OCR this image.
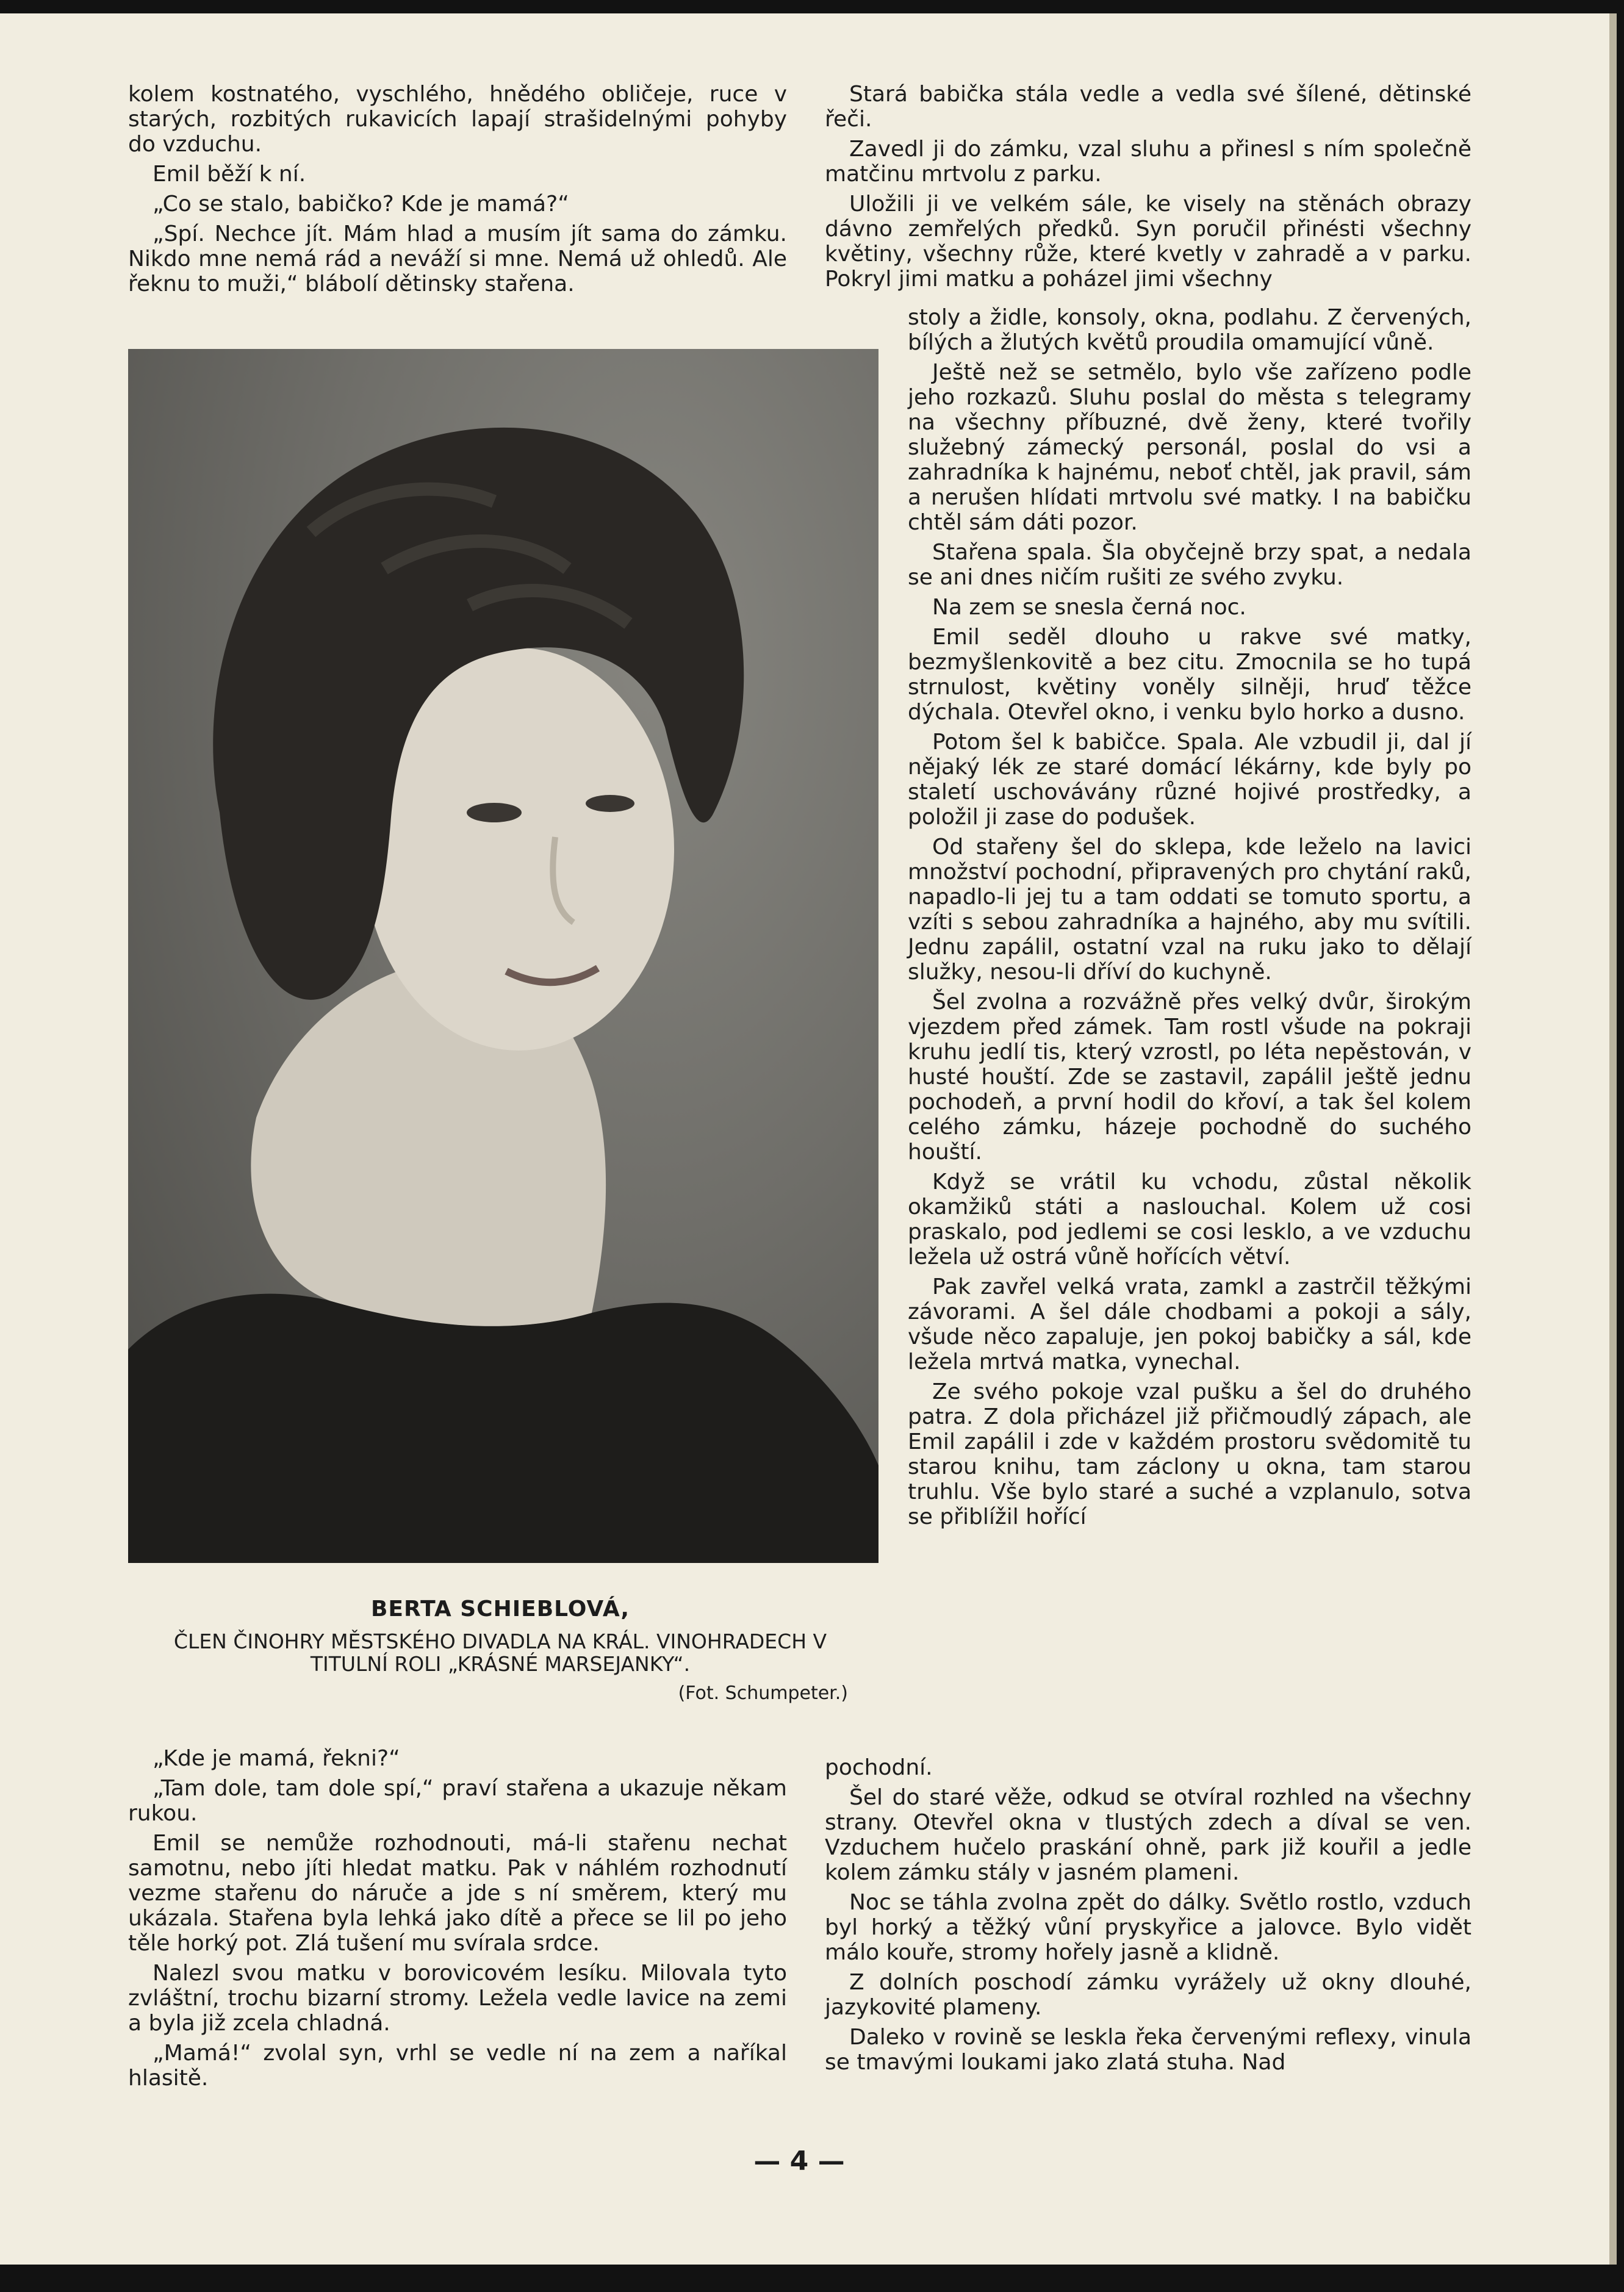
kolem kostnatého, vyschlého, hnědého obličeje, ruce v starých, rozbitých rukavicích lapají strašidelnými pohyby do vzduchu.

Emil běží k ní.

„Co se stalo, babičko? Kde je mamá?“

„Spí. Nechce jít. Mám hlad a musím jít sama do zámku. Nikdo mne nemá rád a neváží si mne. Nemá už ohledů. Ale řeknu to muži,“ blábolí dětinsky stařena.

BERTA SCHIEBLOVÁ,
ČLEN ČINOHRY MĚSTSKÉHO DIVADLA NA KRÁL. VINOHRADECH V TITULNÍ ROLI „KRÁSNÉ MARSEJANKY“.
(Fot. Schumpeter.)

„Kde je mamá, řekni?“

„Tam dole, tam dole spí,“ praví stařena a ukazuje někam rukou.

Emil se nemůže rozhodnouti, má-li stařenu nechat samotnu, nebo jíti hledat matku. Pak v náhlém rozhodnutí vezme stařenu do náruče a jde s ní směrem, který mu ukázala. Stařena byla lehká jako dítě a přece se lil po jeho těle horký pot. Zlá tušení mu svírala srdce.

Nalezl svou matku v borovicovém lesíku. Milovala tyto zvláštní, trochu bizarní stromy. Ležela vedle lavice na zemi a byla již zcela chladná.

„Mamá!“ zvolal syn, vrhl se vedle ní na zem a naříkal hlasitě.

Stará babička stála vedle a vedla své šílené, dětinské řeči.

Zavedl ji do zámku, vzal sluhu a přinesl s ním společně matčinu mrtvolu z parku.

Uložili ji ve velkém sále, ke visely na stěnách obrazy dávno zemřelých předků. Syn poručil přinésti všechny květiny, všechny růže, které kvetly v zahradě a v parku. Pokryl jimi matku a poházel jimi všechny

stoly a židle, konsoly, okna, podlahu. Z červených, bílých a žlutých květů proudila omamující vůně.

Ještě než se setmělo, bylo vše zařízeno podle jeho rozkazů. Sluhu poslal do města s telegramy na všechny příbuzné, dvě ženy, které tvořily služebný zámecký personál, poslal do vsi a zahradníka k hajnému, neboť chtěl, jak pravil, sám a nerušen hlídati mrtvolu své matky. I na babičku chtěl sám dáti pozor.

Stařena spala. Šla obyčejně brzy spat, a nedala se ani dnes ničím rušiti ze svého zvyku.

Na zem se snesla černá noc.

Emil seděl dlouho u rakve své matky, bezmyšlenkovitě a bez citu. Zmocnila se ho tupá strnulost, květiny voněly silněji, hruď těžce dýchala. Otevřel okno, i venku bylo horko a dusno.

Potom šel k babičce. Spala. Ale vzbudil ji, dal jí nějaký lék ze staré domácí lékárny, kde byly po staletí uschovávány různé hojivé prostředky, a položil ji zase do podušek.

Od stařeny šel do sklepa, kde leželo na lavici množství pochodní, připravených pro chytání raků, napadlo-li jej tu a tam oddati se tomuto sportu, a vzíti s sebou zahradníka a hajného, aby mu svítili. Jednu zapálil, ostatní vzal na ruku jako to dělají služky, nesou-li dříví do kuchyně.

Šel zvolna a rozvážně přes velký dvůr, širokým vjezdem před zámek. Tam rostl všude na pokraji kruhu jedlí tis, který vzrostl, po léta nepěstován, v husté houští. Zde se zastavil, zapálil ještě jednu pochodeň, a první hodil do křoví, a tak šel kolem celého zámku, házeje pochodně do suchého houští.

Když se vrátil ku vchodu, zůstal několik okamžiků státi a naslouchal. Kolem už cosi praskalo, pod jedlemi se cosi lesklo, a ve vzduchu ležela už ostrá vůně hořících větví.

Pak zavřel velká vrata, zamkl a zastrčil těžkými závorami. A šel dále chodbami a pokoji a sály, všude něco zapaluje, jen pokoj babičky a sál, kde ležela mrtvá matka, vynechal.

Ze svého pokoje vzal pušku a šel do druhého patra. Z dola přicházel již přičmoudlý zápach, ale Emil zapálil i zde v každém prostoru svědomitě tu starou knihu, tam záclony u okna, tam starou truhlu. Vše bylo staré a suché a vzplanulo, sotva se přiblížil hořící

pochodní.

Šel do staré věže, odkud se otvíral rozhled na všechny strany. Otevřel okna v tlustých zdech a díval se ven. Vzduchem hučelo praskání ohně, park již kouřil a jedle kolem zámku stály v jasném plameni.

Noc se táhla zvolna zpět do dálky. Světlo rostlo, vzduch byl horký a těžký vůní pryskyřice a jalovce. Bylo vidět málo kouře, stromy hořely jasně a klidně.

Z dolních poschodí zámku vyrážely už okny dlouhé, jazykovité plameny.

Daleko v rovině se leskla řeka červenými reflexy, vinula se tmavými loukami jako zlatá stuha. Nad

— 4 —
